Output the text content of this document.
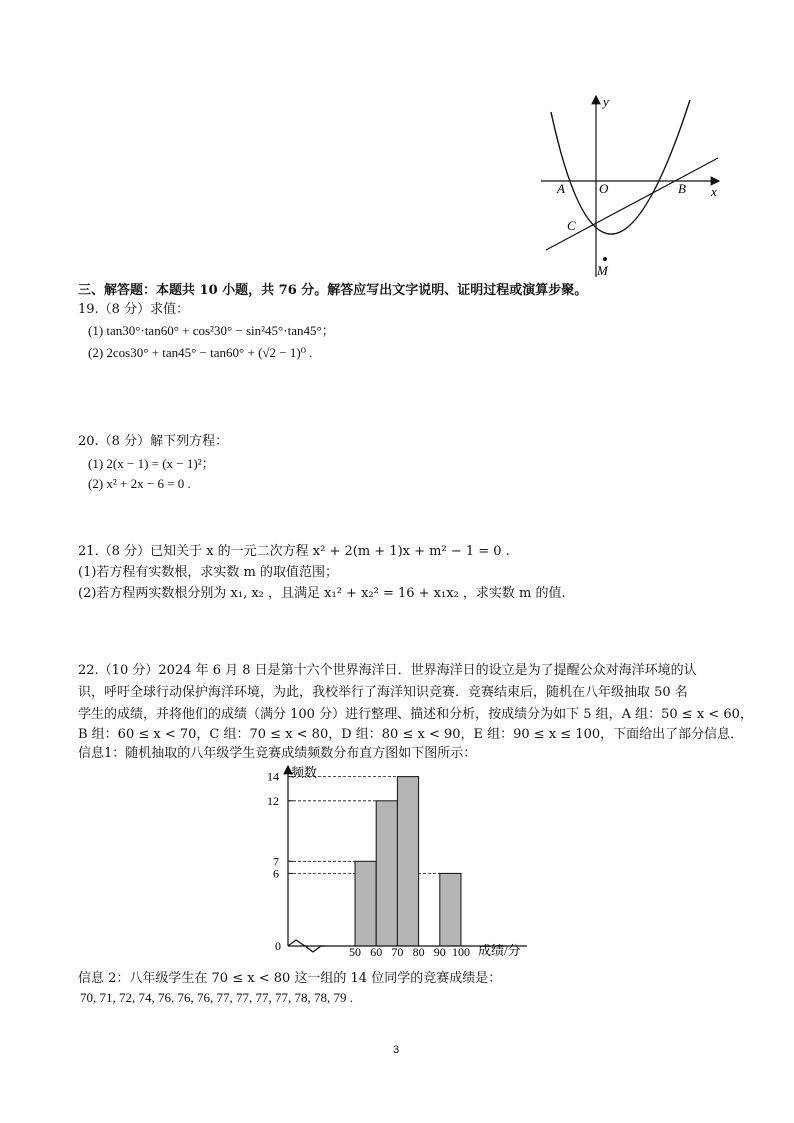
y
x
O
A	B
C
M
三、解答题：本题共 10 小题，共 76 分。解答应写出文字说明、证明过程或演算步聚。
19.（8 分）求值：
(1) tan30°·tan60° + cos²30° − sin²45°·tan45°；
(2) 2cos30° + tan45° − tan60° + (√2 − 1)⁰ .
20.（8 分）解下列方程：
(1) 2(x − 1) = (x − 1)²；
(2) x² + 2x − 6 = 0 .
21.（8 分）已知关于 x 的一元二次方程 x² + 2(m + 1)x + m² − 1 = 0 .
(1)若方程有实数根，求实数 m 的取值范围；
(2)若方程两实数根分别为 x₁, x₂ ，且满足 x₁² + x₂² = 16 + x₁x₂ ，求实数 m 的值.
22.（10 分）2024 年 6 月 8 日是第十六个世界海洋日．世界海洋日的设立是为了提醒公众对海洋环境的认
识，呼吁全球行动保护海洋环境，为此，我校举行了海洋知识竞赛．竞赛结束后，随机在八年级抽取 50 名
学生的成绩，并将他们的成绩（满分 100 分）进行整理、描述和分析，按成绩分为如下 5 组，A 组：50 ≤ x < 60，
B 组：60 ≤ x < 70，C 组：70 ≤ x < 80，D 组：80 ≤ x < 90，E 组：90 ≤ x ≤ 100，下面给出了部分信息．
信息1：随机抽取的八年级学生竞赛成绩频数分布直方图如下图所示：
频数
成绩/分
0
6
7
12
14
50 60 70 80 90 100
信息 2：八年级学生在 70 ≤ x < 80 这一组的 14 位同学的竞赛成绩是：
70, 71, 72, 74, 76, 76, 76, 77, 77, 77, 77, 78, 78, 79 .
3
